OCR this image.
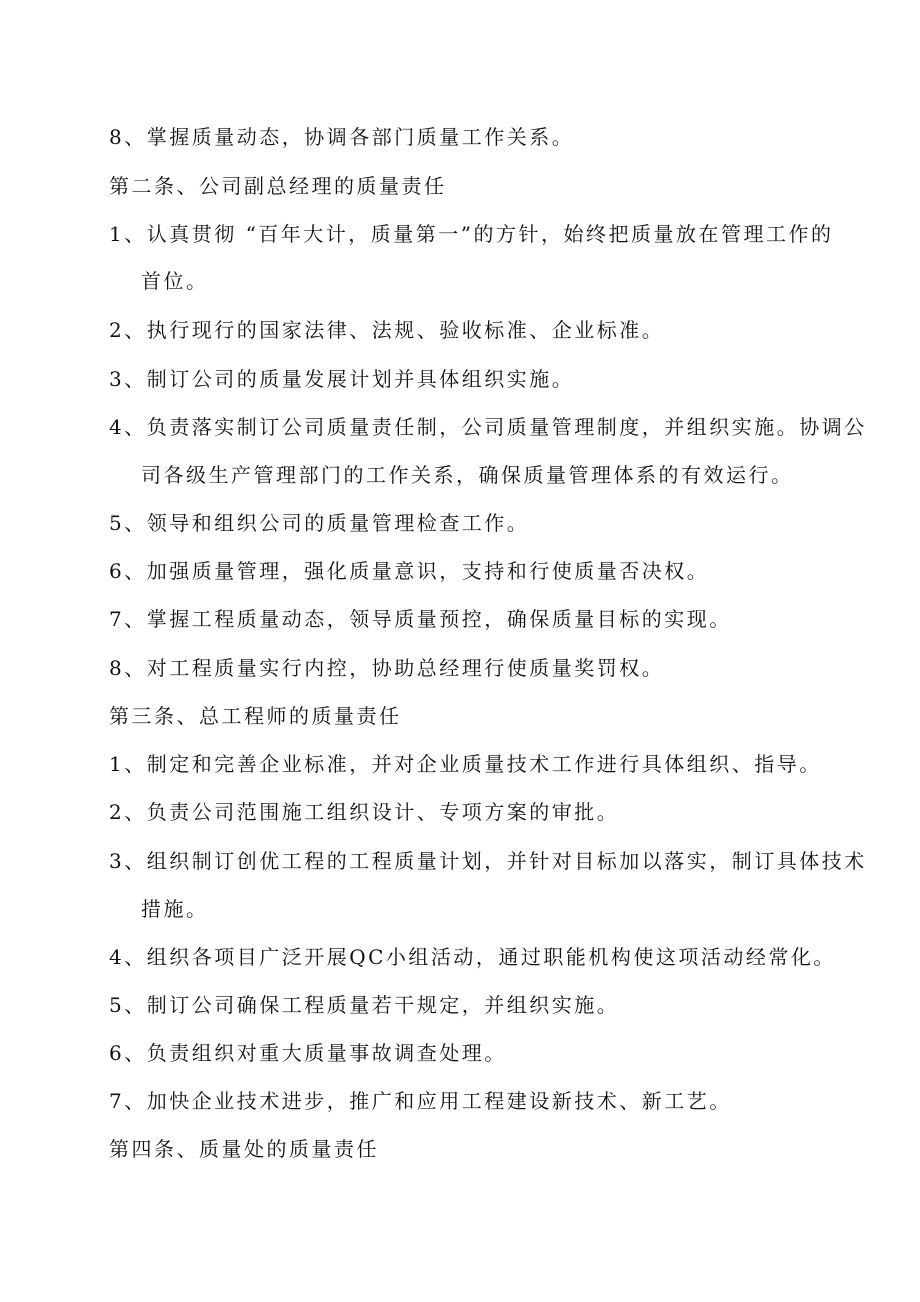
8、掌握质量动态，协调各部门质量工作关系。
第二条、公司副总经理的质量责任
1、认真贯彻 “百年大计，质量第一”的方针，始终把质量放在管理工作的
首位。
2、执行现行的国家法律、法规、验收标准、企业标准。
3、制订公司的质量发展计划并具体组织实施。
4、负责落实制订公司质量责任制，公司质量管理制度，并组织实施。协调公
司各级生产管理部门的工作关系，确保质量管理体系的有效运行。
5、领导和组织公司的质量管理检查工作。
6、加强质量管理，强化质量意识，支持和行使质量否决权。
7、掌握工程质量动态，领导质量预控，确保质量目标的实现。
8、对工程质量实行内控，协助总经理行使质量奖罚权。
第三条、总工程师的质量责任
1、制定和完善企业标准，并对企业质量技术工作进行具体组织、指导。
2、负责公司范围施工组织设计、专项方案的审批。
3、组织制订创优工程的工程质量计划，并针对目标加以落实，制订具体技术
措施。
4、组织各项目广泛开展QC小组活动，通过职能机构使这项活动经常化。
5、制订公司确保工程质量若干规定，并组织实施。
6、负责组织对重大质量事故调查处理。
7、加快企业技术进步，推广和应用工程建设新技术、新工艺。
第四条、质量处的质量责任
